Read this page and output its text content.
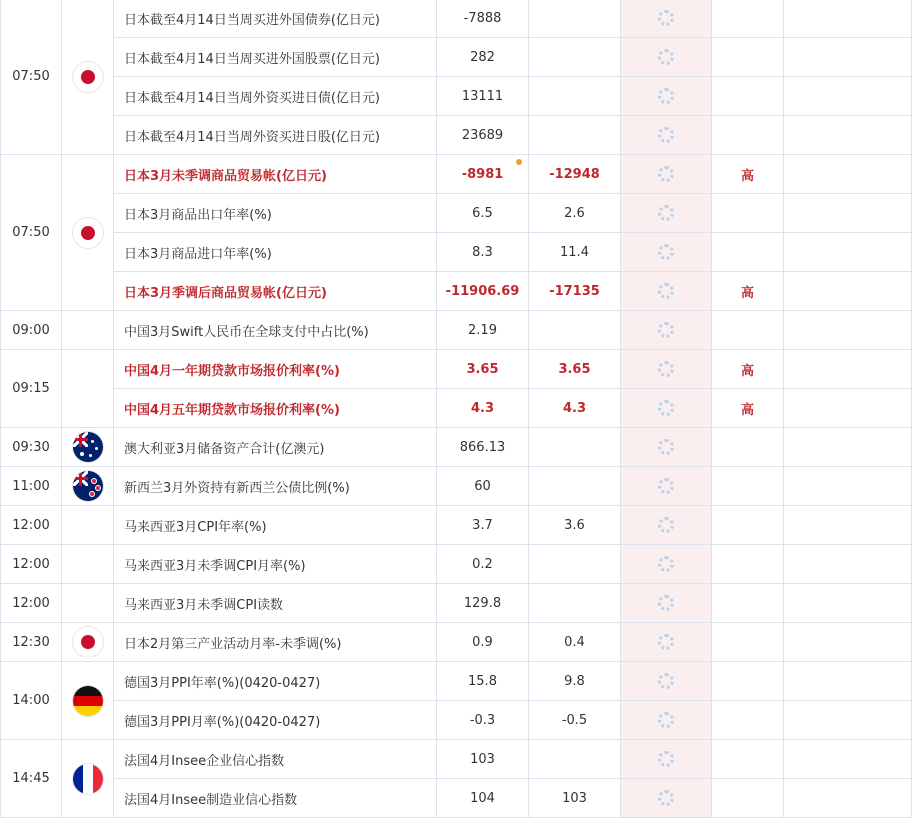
07:50		日本截至4月14日当周买进外国债券(亿日元)	-7888				
		日本截至4月14日当周买进外国股票(亿日元)	282				
		日本截至4月14日当周外资买进日债(亿日元)	13111				
		日本截至4月14日当周外资买进日股(亿日元)	23689				
07:50		日本3月未季调商品贸易帐(亿日元)	-8981	-12948		高	
		日本3月商品出口年率(%)	6.5	2.6			
		日本3月商品进口年率(%)	8.3	11.4			
		日本3月季调后商品贸易帐(亿日元)	-11906.69	-17135		高	
09:00		中国3月Swift人民币在全球支付中占比(%)	2.19				
09:15		中国4月一年期贷款市场报价利率(%)	3.65	3.65		高	
		中国4月五年期贷款市场报价利率(%)	4.3	4.3		高	
09:30		澳大利亚3月储备资产合计(亿澳元)	866.13				
11:00		新西兰3月外资持有新西兰公债比例(%)	60				
12:00		马来西亚3月CPI年率(%)	3.7	3.6			
12:00		马来西亚3月未季调CPI月率(%)	0.2				
12:00		马来西亚3月未季调CPI读数	129.8				
12:30		日本2月第三产业活动月率-未季调(%)	0.9	0.4			
14:00		德国3月PPI年率(%)(0420-0427)	15.8	9.8			
		德国3月PPI月率(%)(0420-0427)	-0.3	-0.5			
14:45		法国4月Insee企业信心指数	103				
		法国4月Insee制造业信心指数	104	103			
